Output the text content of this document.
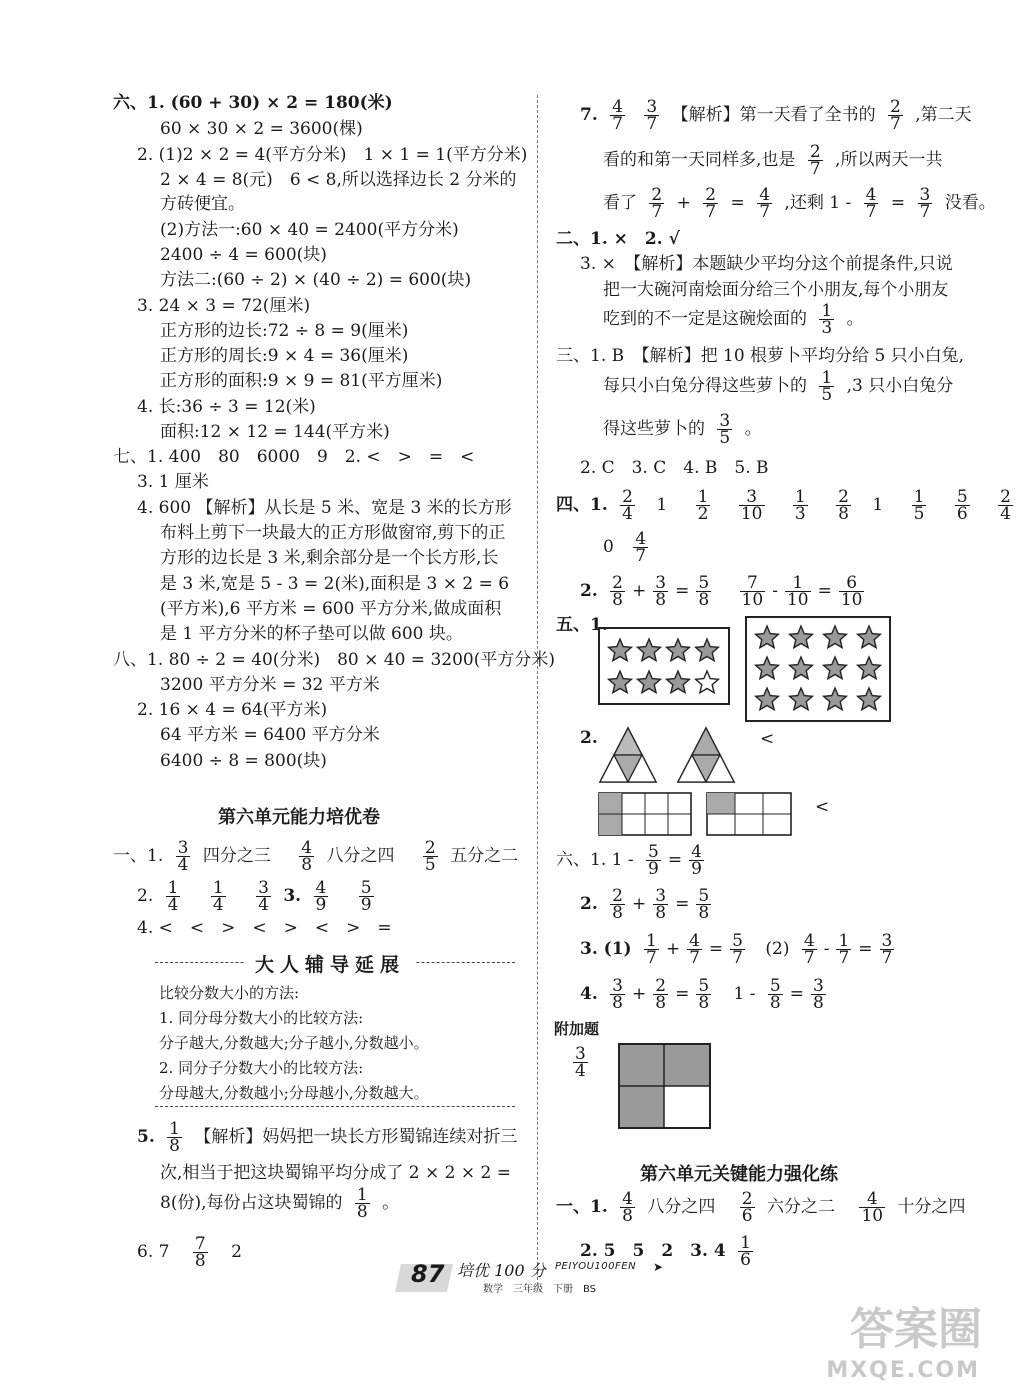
六、1. (60 + 30) × 2 = 180(米)
60 × 30 × 2 = 3600(棵)
2. (1)2 × 2 = 4(平方分米)　1 × 1 = 1(平方分米)
2 × 4 = 8(元)　6 < 8,所以选择边长 2 分米的
方砖便宜。
(2)方法一:60 × 40 = 2400(平方分米)
2400 ÷ 4 = 600(块)
方法二:(60 ÷ 2) × (40 ÷ 2) = 600(块)
3. 24 × 3 = 72(厘米)
正方形的边长:72 ÷ 8 = 9(厘米)
正方形的周长:9 × 4 = 36(厘米)
正方形的面积:9 × 9 = 81(平方厘米)
4. 长:36 ÷ 3 = 12(米)
面积:12 × 12 = 144(平方米)
七、1. 400　80　6000　9　2. <　>　=　<
3. 1 厘米
4. 600 【解析】从长是 5 米、宽是 3 米的长方形
布料上剪下一块最大的正方形做窗帘,剪下的正
方形的边长是 3 米,剩余部分是一个长方形,长
是 3 米,宽是 5 - 3 = 2(米),面积是 3 × 2 = 6
(平方米),6 平方米 = 600 平方分米,做成面积
是 1 平方分米的杯子垫可以做 600 块。
八、1. 80 ÷ 2 = 40(分米)　80 × 40 = 3200(平方分米)
3200 平方分米 = 32 平方米
2. 16 × 4 = 64(平方米)
64 平方米 = 6400 平方分米
6400 ÷ 8 = 800(块)
第六单元能力培优卷
一、1. $\frac{3}{4}$ 四分之三 $\frac{4}{8}$ 八分之四 $\frac{2}{5}$ 五分之二
2. $\frac{1}{4}$
$\frac{1}{4}$
$\frac{3}{4} 3$. $\frac{4}{9}$
$\frac{5}{9}$
4. <　<　>　<　>　<　>　=
大人辅导延展
比较分数大小的方法:
1. 同分母分数大小的比较方法:
分子越大,分数越大;分子越小,分数越小。
2. 同分子分数大小的比较方法:
分母越大,分数越小;分母越小,分数越大。
5. $\frac{1}{8}$ 【解析】妈妈把一块长方形蜀锦连续对折三
次,相当于把这块蜀锦平均分成了 2 × 2 × 2 =
8(份),每份占这块蜀锦的 $\frac{1}{8}$ 。
6. $7 \frac{7}{8} 2$
7. $\frac{4}{7}$
$\frac{3}{7}$ 【解析】第一天看了全书的 $\frac{2}{7}$ ,第二天
看的和第一天同样多,也是 $\frac{2}{7}$ ,所以两天一共
看了 $\frac{2}{7} + \frac{2}{7} = \frac{4}{7}$ ,还剩 $1 - \frac{4}{7} = \frac{3}{7}$ 没看。
二、1. ×　2. √
3. ×　【解析】本题缺少平均分这个前提条件,只说
把一大碗河南烩面分给三个小朋友,每个小朋友
吃到的不一定是这碗烩面的 $\frac{1}{3}$ 。
三、1. B　【解析】把 10 根萝卜平均分给 5 只小白兔,
每只小白兔分得这些萝卜的 $\frac{1}{5} ,3$ 只小白兔分
得这些萝卜的 $\frac{3}{5}$ 。
2. C　3. C　4. B　5. B
四、1. $\frac{2}{4} 1 \frac{1}{2}$
$\frac{3}{10}$
$\frac{1}{3}$
$\frac{2}{8} 1 \frac{1}{5}$
$\frac{5}{6}$
$\frac{2}{4}$
$0 \frac{4}{7}$
2. $\frac{2}{8} + \frac{3}{8} = \frac{5}{8}$
$\frac{7}{10} - \frac{1}{10} = \frac{6}{10}$
五、1.
2.	<
<
六、1. $1 - \frac{5}{9} = \frac{4}{9}$
2. $\frac{2}{8} + \frac{3}{8} = \frac{5}{8}$
3. $(1) \frac{1}{7} + \frac{4}{7} = \frac{5}{7} (2) \frac{4}{7} - \frac{1}{7} = \frac{3}{7}$
4. $\frac{3}{8} + \frac{2}{8} = \frac{5}{8} 1 - \frac{5}{8} = \frac{3}{8}$
附加题
$\frac{3}{4}$
第六单元关键能力强化练
一、1. $\frac{4}{8}$ 八分之四 $\frac{2}{6}$ 六分之二 $\frac{4}{10}$ 十分之四
2. 5　5　2　3. $4 \frac{1}{6}$
87 培优 100 分 PEIYOU100FEN ➤
数学　三年级　下册　BS
答案圈
MXQE.COM
